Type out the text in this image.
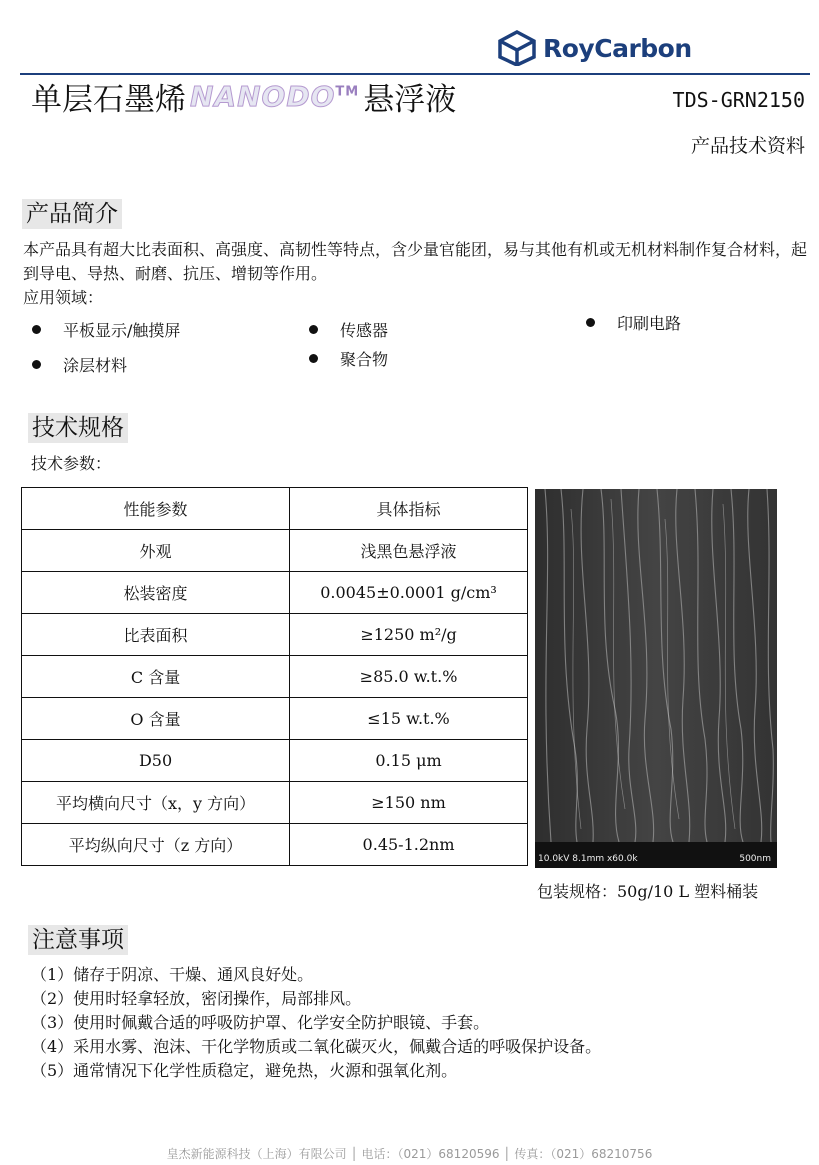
RoyCarbon
单层石墨烯 NANODO™ 悬浮液	TDS-GRN2150
产品技术资料
产品简介
本产品具有超大比表面积、高强度、高韧性等特点，含少量官能团，易与其他有机或无机材料制作复合材料，起到导电、导热、耐磨、抗压、增韧等作用。
应用领域：
平板显示/触摸屏	传感器	印刷电路
涂层材料	聚合物
技术规格
技术参数：
性能参数	具体指标
外观	浅黑色悬浮液
松装密度	0.0045±0.0001 g/cm³
比表面积	≥1250 m²/g
C 含量	≥85.0 w.t.%
O 含量	≤15 w.t.%
D50	0.15 μm
平均横向尺寸（x，y 方向）	≥150 nm
平均纵向尺寸（z 方向）	0.45-1.2nm
10.0kV 8.1mm x60.0k	500nm
包装规格：50g/10 L 塑料桶装
注意事项
（1）储存于阴凉、干燥、通风良好处。
（2）使用时轻拿轻放，密闭操作，局部排风。
（3）使用时佩戴合适的呼吸防护罩、化学安全防护眼镜、手套。
（4）采用水雾、泡沫、干化学物质或二氧化碳灭火，佩戴合适的呼吸保护设备。
（5）通常情况下化学性质稳定，避免热，火源和强氧化剂。
皇杰新能源科技（上海）有限公司 │ 电话：（021）68120596 │ 传真：（021）68210756
